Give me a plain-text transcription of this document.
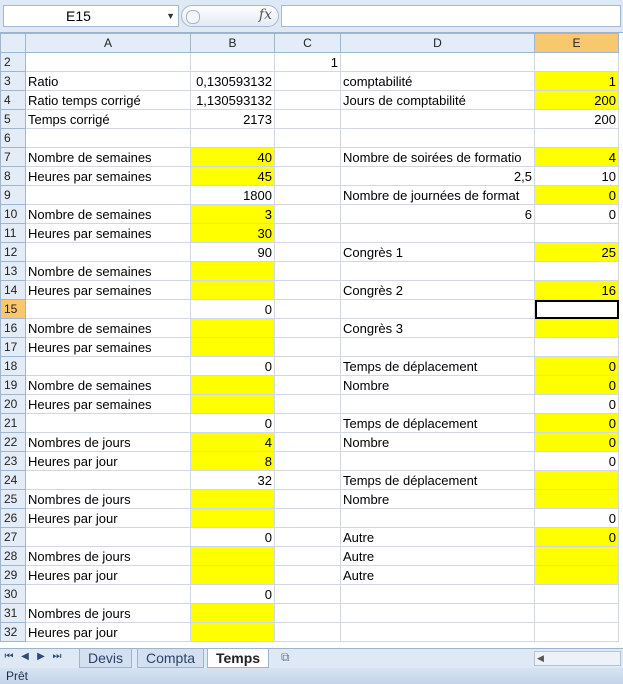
E15	▼	fx
	A	B	C	D	E
2			1		
3	Ratio	0,130593132		comptabilité	1
4	Ratio temps corrigé	1,130593132		Jours de comptabilité	200
5	Temps corrigé	2173			200
6					
7	Nombre de semaines	40		Nombre de soirées de formatio	4
8	Heures par semaines	45		2,5	10
9		1800		Nombre de journées de format	0
10	Nombre de semaines	3		6	0
11	Heures par semaines	30			
12		90		Congrès 1	25
13	Nombre de semaines				
14	Heures par semaines			Congrès 2	16
15		0			
16	Nombre de semaines			Congrès 3	
17	Heures par semaines				
18		0		Temps de déplacement	0
19	Nombre de semaines			Nombre	0
20	Heures par semaines				0
21		0		Temps de déplacement	0
22	Nombres de jours	4		Nombre	0
23	Heures par jour	8			0
24		32		Temps de déplacement	
25	Nombres de jours			Nombre	
26	Heures par jour				0
27		0		Autre	0
28	Nombres de jours			Autre	
29	Heures par jour			Autre	
30		0			
31	Nombres de jours				
32	Heures par jour				
⏮ ◀ ▶ ⏭	Devis	Compta	Temps	⧉	◀
Prêt
